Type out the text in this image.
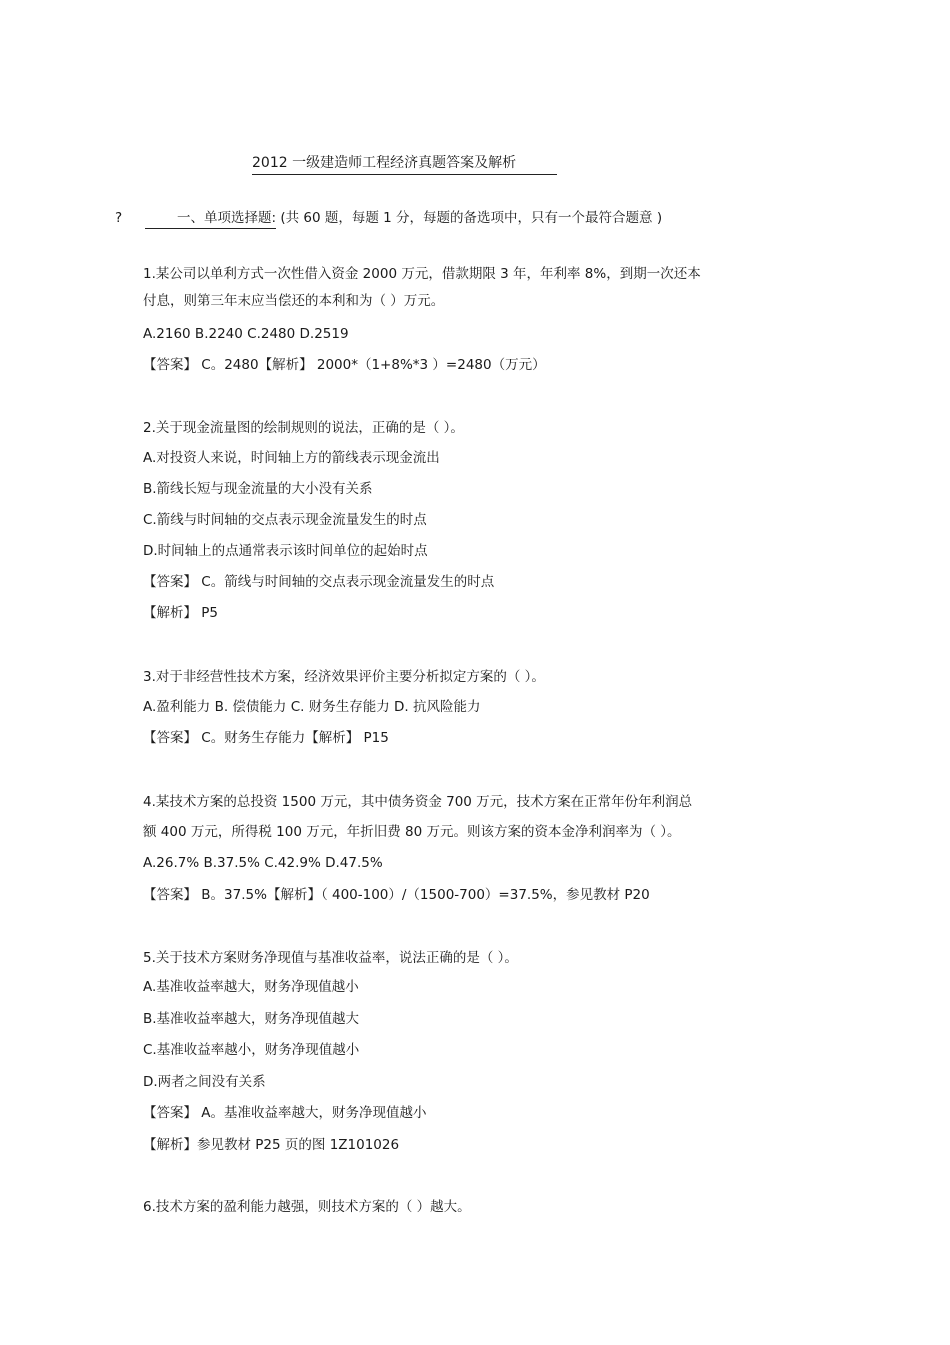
2012 一级建造师工程经济真题答案及解析
?	一、单项选择题: (共 60 题，每题 1 分，每题的备选项中，只有一个最符合题意 )
1.某公司以单利方式一次性借入资金 2000 万元，借款期限 3 年，年利率 8%，到期一次还本
付息，则第三年末应当偿还的本利和为（ ）万元。
A.2160 B.2240 C.2480 D.2519
【答案】 C。2480【解析】 2000*（1+8%*3 ）=2480（万元）
2.关于现金流量图的绘制规则的说法，正确的是（ ）。
A.对投资人来说，时间轴上方的箭线表示现金流出
B.箭线长短与现金流量的大小没有关系
C.箭线与时间轴的交点表示现金流量发生的时点
D.时间轴上的点通常表示该时间单位的起始时点
【答案】 C。箭线与时间轴的交点表示现金流量发生的时点
【解析】 P5
3.对于非经营性技术方案，经济效果评价主要分析拟定方案的（ ）。
A.盈利能力 B. 偿债能力 C. 财务生存能力 D. 抗风险能力
【答案】 C。财务生存能力【解析】 P15
4.某技术方案的总投资 1500 万元，其中债务资金 700 万元，技术方案在正常年份年利润总
额 400 万元，所得税 100 万元，年折旧费 80 万元。则该方案的资本金净利润率为（ ）。
A.26.7% B.37.5% C.42.9% D.47.5%
【答案】 B。37.5%【解析】（ 400-100）/（1500-700）=37.5%，参见教材 P20
5.关于技术方案财务净现值与基准收益率，说法正确的是（ ）。
A.基准收益率越大，财务净现值越小
B.基准收益率越大，财务净现值越大
C.基准收益率越小，财务净现值越小
D.两者之间没有关系
【答案】 A。基准收益率越大，财务净现值越小
【解析】参见教材 P25 页的图 1Z101026
6.技术方案的盈利能力越强，则技术方案的（ ）越大。
